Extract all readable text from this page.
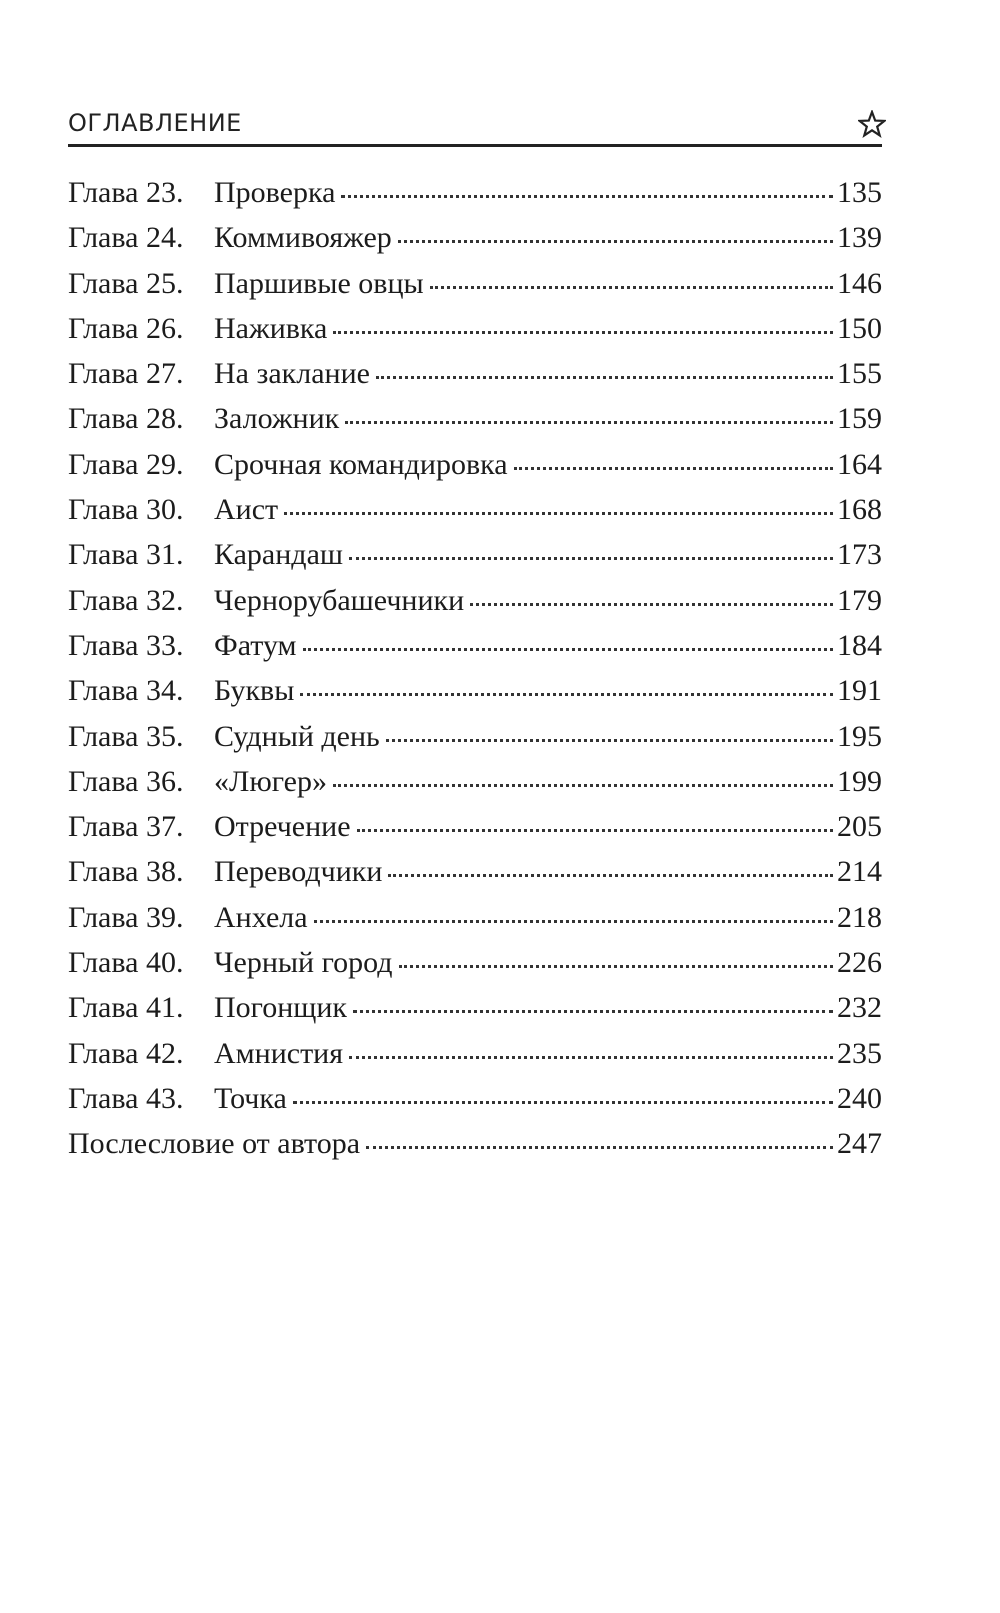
ОГЛАВЛЕНИЕ
Глава 23.	Проверка	135
Глава 24.	Коммивояжер	139
Глава 25.	Паршивые овцы	146
Глава 26.	Наживка	150
Глава 27.	На заклание	155
Глава 28.	Заложник	159
Глава 29.	Срочная командировка	164
Глава 30.	Аист	168
Глава 31.	Карандаш	173
Глава 32.	Чернорубашечники	179
Глава 33.	Фатум	184
Глава 34.	Буквы	191
Глава 35.	Судный день	195
Глава 36.	«Люгер»	199
Глава 37.	Отречение	205
Глава 38.	Переводчики	214
Глава 39.	Анхела	218
Глава 40.	Черный город	226
Глава 41.	Погонщик	232
Глава 42.	Амнистия	235
Глава 43.	Точка	240
Послесловие от автора	247
